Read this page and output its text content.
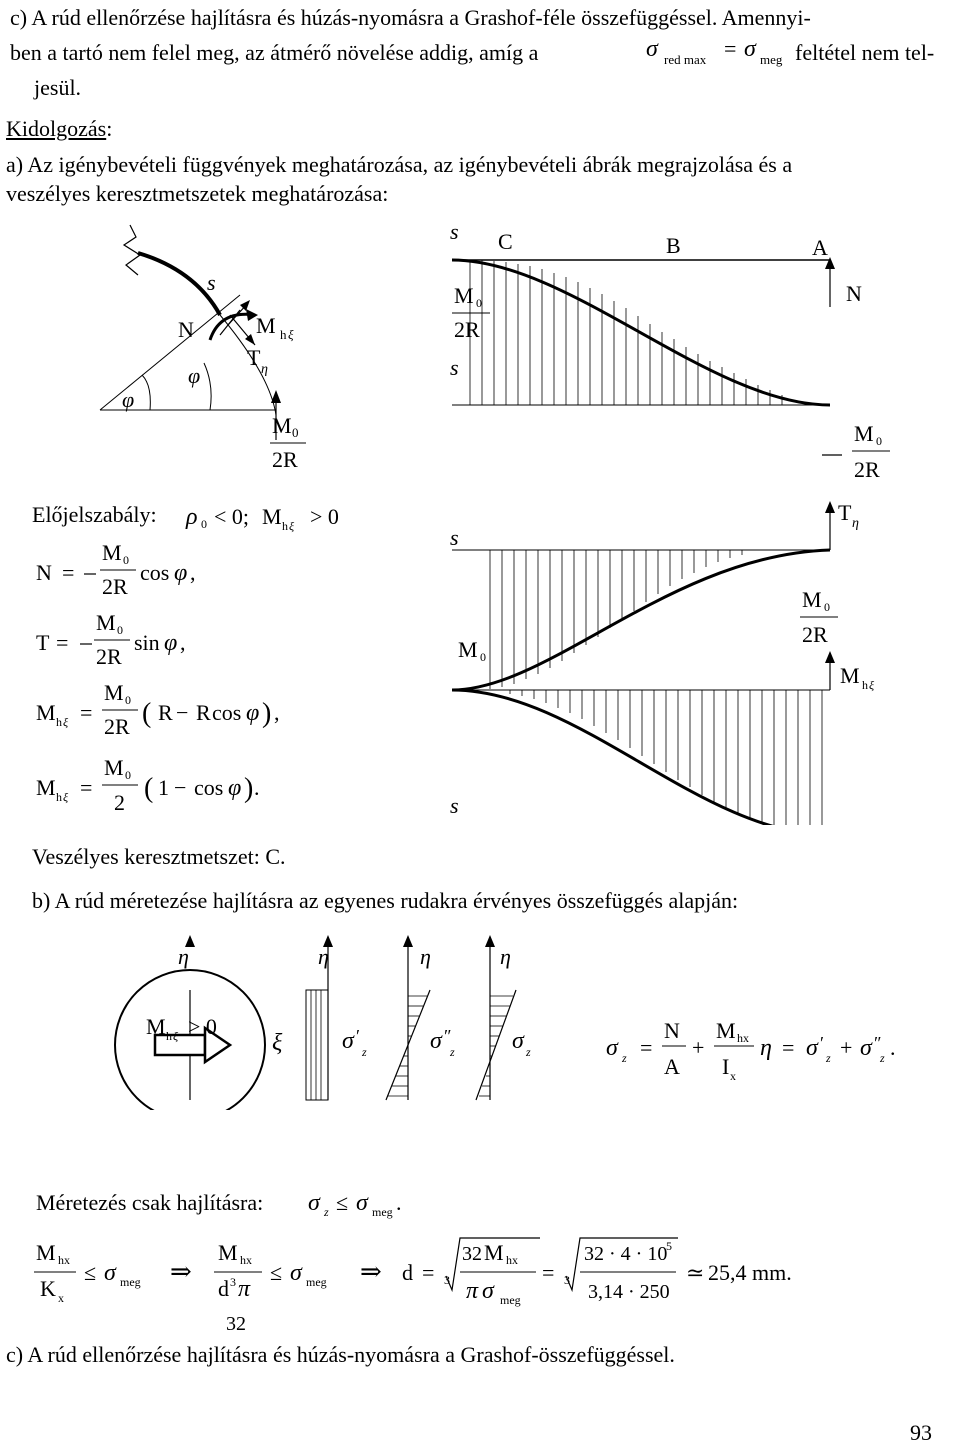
c) A rúd ellenőrzése hajlításra és húzás-nyomásra a Grashof-féle összefüggéssel. Amennyi-
ben a tartó nem felel meg, az átmérő növelése addig, amíg a	σ red max = σ meg feltétel nem tel-
jesül.
Kidolgozás:
a) Az igénybevételi függvények meghatározása, az igénybevételi ábrák megrajzolása és a
veszélyes keresztmetszetek meghatározása:
s
N	M h ξ
T η
φ
φ
M 0
2R
Előjelszabály: ρ 0 < 0; M h ξ > 0
N =
M 0
2R
cos φ ,
T =
M 0
2R
sin φ ,
M h ξ =
M 0
2R ( R − R cos φ ) ,
M h ξ =
M 0
2 ( 1 − cos φ ) .
Veszélyes keresztmetszet: C.
s C	B	A
N
M 0
2R
s
M 0
2R
s
T η
M 0
2R
M h ξ
M 0
s
b) A rúd méretezése hajlításra az egyenes rudakra érvényes összefüggés alapján:
η	η	η	η
M h ξ > 0
ξ σ ′
z	σ ″
z σ z	σ z =
N
A
+
M hx
I x
η = σ ′
z + σ ″
z .
Méretezés csak hajlításra: σ z ≤ σ meg .
M hx
K x
≤ σ meg ⇒
M hx
d 3 π
32
≤ σ meg ⇒ d = 3
32 M hx
π σ meg
= 3
32 · 4 · 10
5
3,14 · 250
≃ 25,4 mm.
c) A rúd ellenőrzése hajlításra és húzás-nyomásra a Grashof-összefüggéssel.
93
